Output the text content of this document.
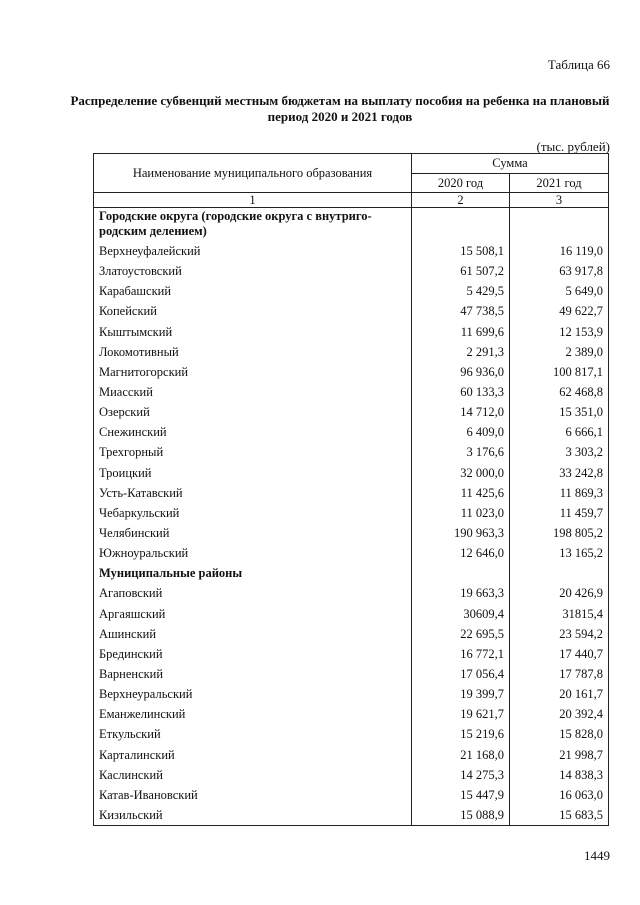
Таблица 66
Распределение субвенций местным бюджетам на выплату пособия на ребенка на плановый период 2020 и 2021 годов
(тыс. рублей)
Наименование муниципального образования	Сумма	
	2020 год	2021 год
1	2	3
Городские округа (городские округа с внутриго-родским делением)		
Верхнеуфалейский	15 508,1	16 119,0
Златоустовский	61 507,2	63 917,8
Карабашский	5 429,5	5 649,0
Копейский	47 738,5	49 622,7
Кыштымский	11 699,6	12 153,9
Локомотивный	2 291,3	2 389,0
Магнитогорский	96 936,0	100 817,1
Миасский	60 133,3	62 468,8
Озерский	14 712,0	15 351,0
Снежинский	6 409,0	6 666,1
Трехгорный	3 176,6	3 303,2
Троицкий	32 000,0	33 242,8
Усть-Катавский	11 425,6	11 869,3
Чебаркульский	11 023,0	11 459,7
Челябинский	190 963,3	198 805,2
Южноуральский	12 646,0	13 165,2
Муниципальные районы		
Агаповский	19 663,3	20 426,9
Аргаяшский	30609,4	31815,4
Ашинский	22 695,5	23 594,2
Брединский	16 772,1	17 440,7
Варненский	17 056,4	17 787,8
Верхнеуральский	19 399,7	20 161,7
Еманжелинский	19 621,7	20 392,4
Еткульский	15 219,6	15 828,0
Карталинский	21 168,0	21 998,7
Каслинский	14 275,3	14 838,3
Катав-Ивановский	15 447,9	16 063,0
Кизильский	15 088,9	15 683,5
1449
